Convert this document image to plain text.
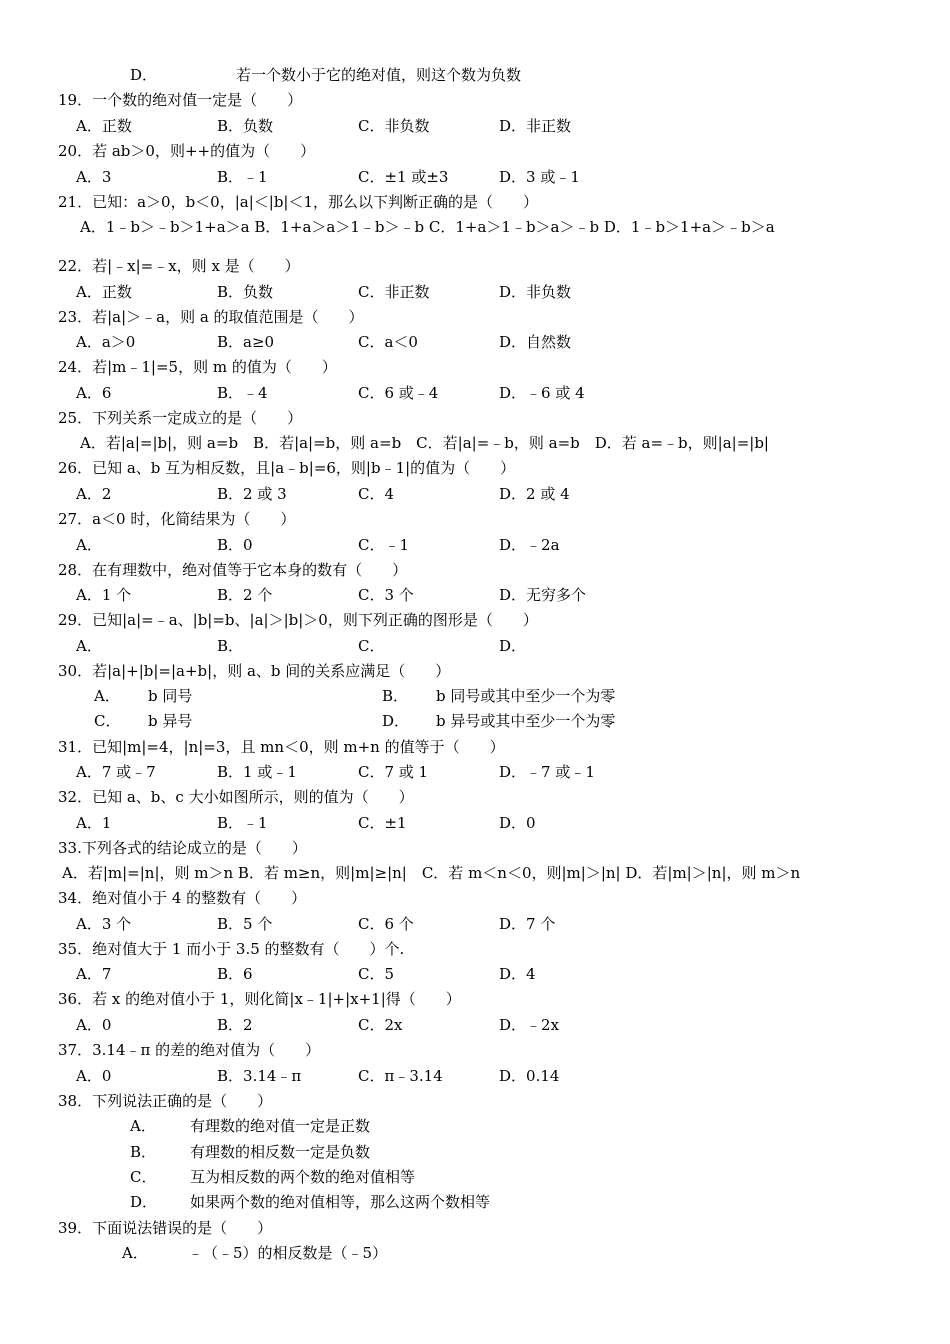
D．	若一个数小于它的绝对值，则这个数为负数
19．一个数的绝对值一定是（　　）
A．正数	B．负数	C．非负数	D．非正数
20．若 ab＞0，则++的值为（　　）
A．3	B．﹣1	C．±1 或±3	D．3 或﹣1
21．已知：a＞0，b＜0，|a|＜|b|＜1，那么以下判断正确的是（　　）
A．1﹣b＞﹣b＞1+a＞a B．1+a＞a＞1﹣b＞﹣b C．1+a＞1﹣b＞a＞﹣b D．1﹣b＞1+a＞﹣b＞a
22．若|﹣x|=﹣x，则 x 是（　　）
A．正数	B．负数	C．非正数	D．非负数
23．若|a|＞﹣a，则 a 的取值范围是（　　）
A．a＞0	B．a≥0	C．a＜0	D．自然数
24．若|m﹣1|=5，则 m 的值为（　　）
A．6	B．﹣4	C．6 或﹣4	D．﹣6 或 4
25．下列关系一定成立的是（　　）
A．若|a|=|b|，则 a=b　B．若|a|=b，则 a=b　C．若|a|=﹣b，则 a=b　D．若 a=﹣b，则|a|=|b|
26．已知 a、b 互为相反数，且|a﹣b|=6，则|b﹣1|的值为（　　）
A．2	B．2 或 3	C．4	D．2 或 4
27．a＜0 时，化简结果为（　　）
A．	B．0	C．﹣1	D．﹣2a
28．在有理数中，绝对值等于它本身的数有（　　）
A．1 个	B．2 个	C．3 个	D．无穷多个
29．已知|a|=﹣a、|b|=b、|a|＞|b|＞0，则下列正确的图形是（　　）
A．	B．	C．	D．
30．若|a|+|b|=|a+b|，则 a、b 间的关系应满足（　　）
A． b 同号	B． b 同号或其中至少一个为零
C． b 异号	D． b 异号或其中至少一个为零
31．已知|m|=4，|n|=3，且 mn＜0，则 m+n 的值等于（　　）
A．7 或﹣7	B．1 或﹣1	C．7 或 1	D．﹣7 或﹣1
32．已知 a、b、c 大小如图所示，则的值为（　　）
A．1	B．﹣1	C．±1	D．0
33.下列各式的结论成立的是（　　）
A．若|m|=|n|，则 m＞n B．若 m≥n，则|m|≥|n|　C．若 m＜n＜0，则|m|＞|n| D．若|m|＞|n|，则 m＞n
34．绝对值小于 4 的整数有（　　）
A．3 个	B．5 个	C．6 个	D．7 个
35．绝对值大于 1 而小于 3.5 的整数有（　　）个.
A．7	B．6	C．5	D．4
36．若 x 的绝对值小于 1，则化简|x﹣1|+|x+1|得（　　）
A．0	B．2	C．2x	D．﹣2x
37．3.14﹣π 的差的绝对值为（　　）
A．0	B．3.14﹣π	C．π﹣3.14	D．0.14
38．下列说法正确的是（　　）
A． 有理数的绝对值一定是正数
B． 有理数的相反数一定是负数
C． 互为相反数的两个数的绝对值相等
D． 如果两个数的绝对值相等，那么这两个数相等
39．下面说法错误的是（　　）
A．	﹣（﹣5）的相反数是（﹣5）
